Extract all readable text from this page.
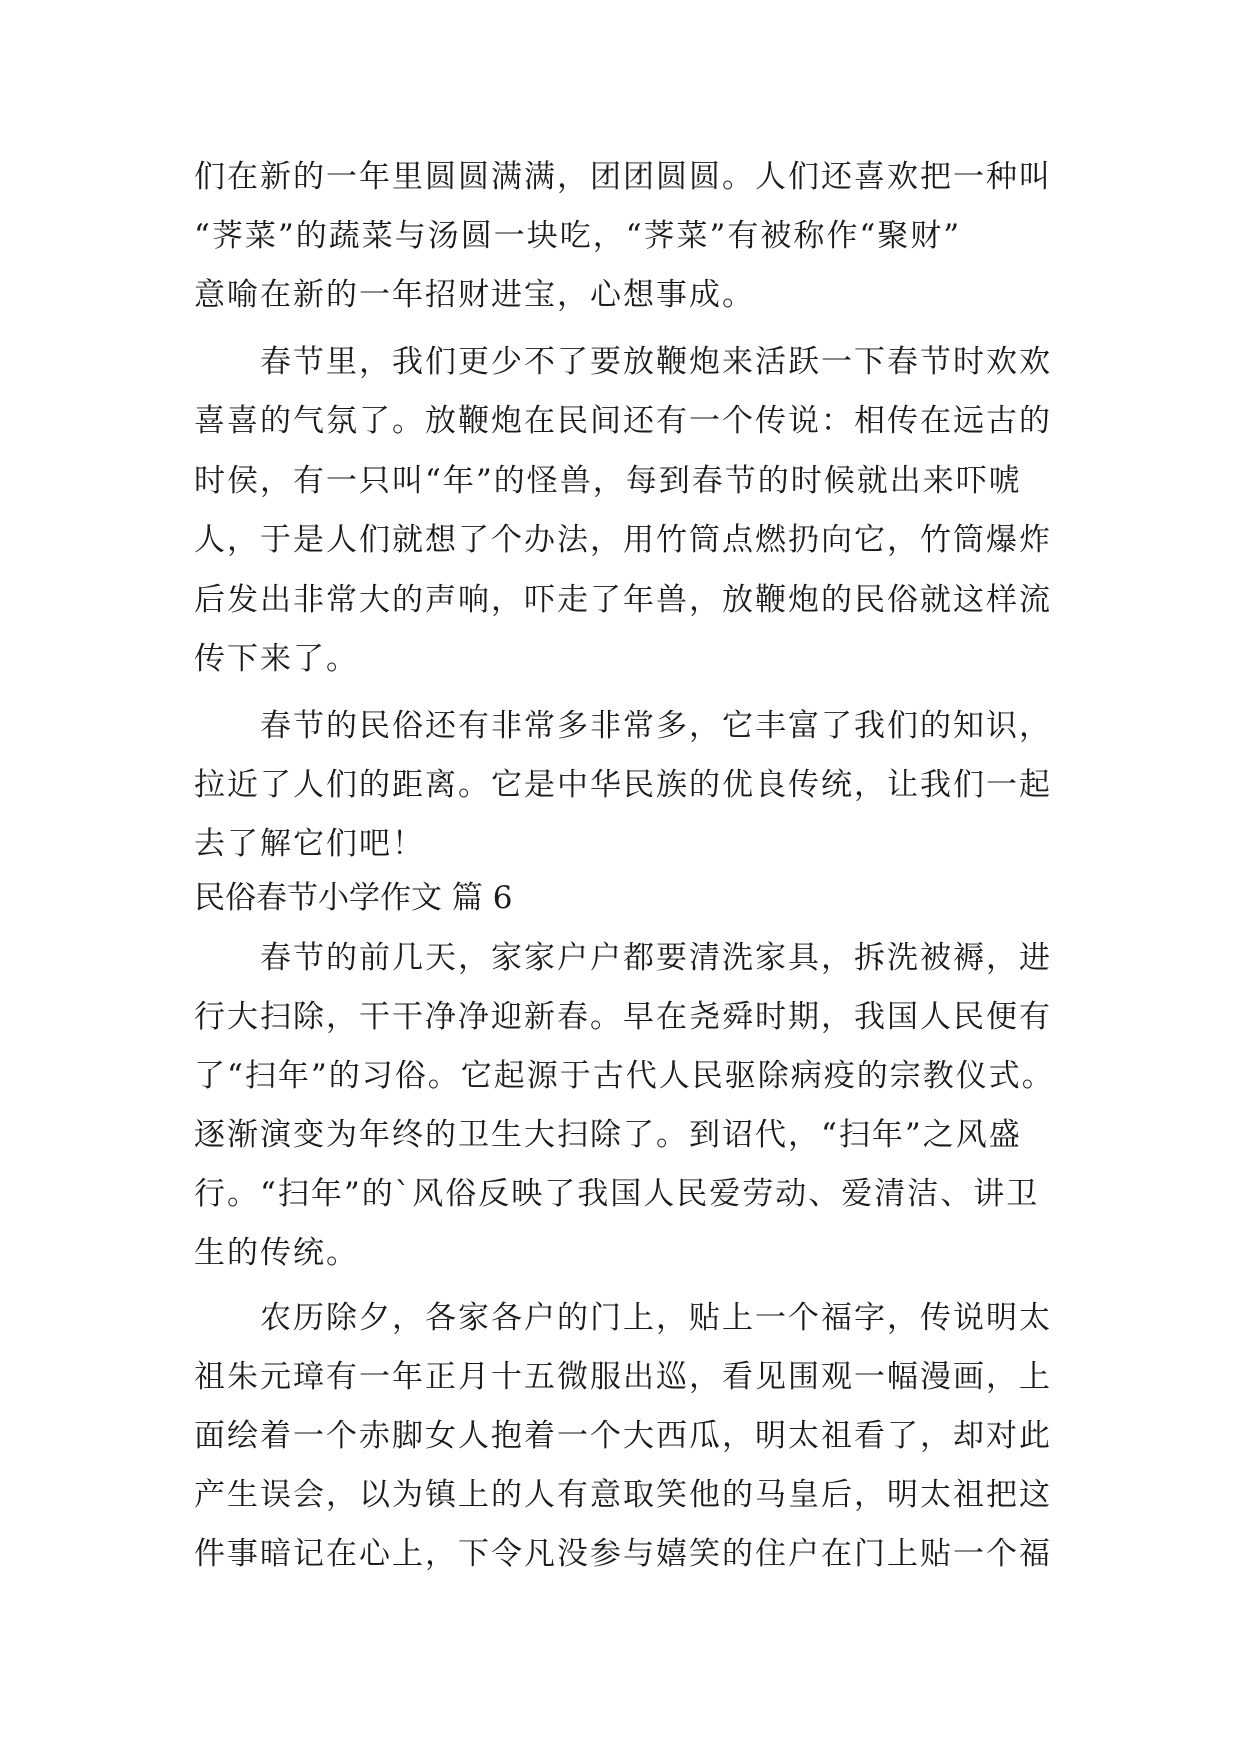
们在新的一年里圆圆满满，团团圆圆。人们还喜欢把一种叫
“荠菜”的蔬菜与汤圆一块吃，“荠菜”有被称作“聚财”
意喻在新的一年招财进宝，心想事成。
　　春节里，我们更少不了要放鞭炮来活跃一下春节时欢欢
喜喜的气氛了。放鞭炮在民间还有一个传说：相传在远古的
时侯，有一只叫“年”的怪兽，每到春节的时候就出来吓唬
人，于是人们就想了个办法，用竹筒点燃扔向它，竹筒爆炸
后发出非常大的声响，吓走了年兽，放鞭炮的民俗就这样流
传下来了。
　　春节的民俗还有非常多非常多，它丰富了我们的知识，
拉近了人们的距离。它是中华民族的优良传统，让我们一起
去了解它们吧！
民俗春节小学作文 篇 6
　　春节的前几天，家家户户都要清洗家具，拆洗被褥，进
行大扫除，干干净净迎新春。早在尧舜时期，我国人民便有
了“扫年”的习俗。它起源于古代人民驱除病疫的宗教仪式。
逐渐演变为年终的卫生大扫除了。到诏代，“扫年”之风盛
行。“扫年”的`风俗反映了我国人民爱劳动、爱清洁、讲卫
生的传统。
　　农历除夕，各家各户的门上，贴上一个福字，传说明太
祖朱元璋有一年正月十五微服出巡，看见围观一幅漫画，上
面绘着一个赤脚女人抱着一个大西瓜，明太祖看了，却对此
产生误会，以为镇上的人有意取笑他的马皇后，明太祖把这
件事暗记在心上，下令凡没参与嬉笑的住户在门上贴一个福
